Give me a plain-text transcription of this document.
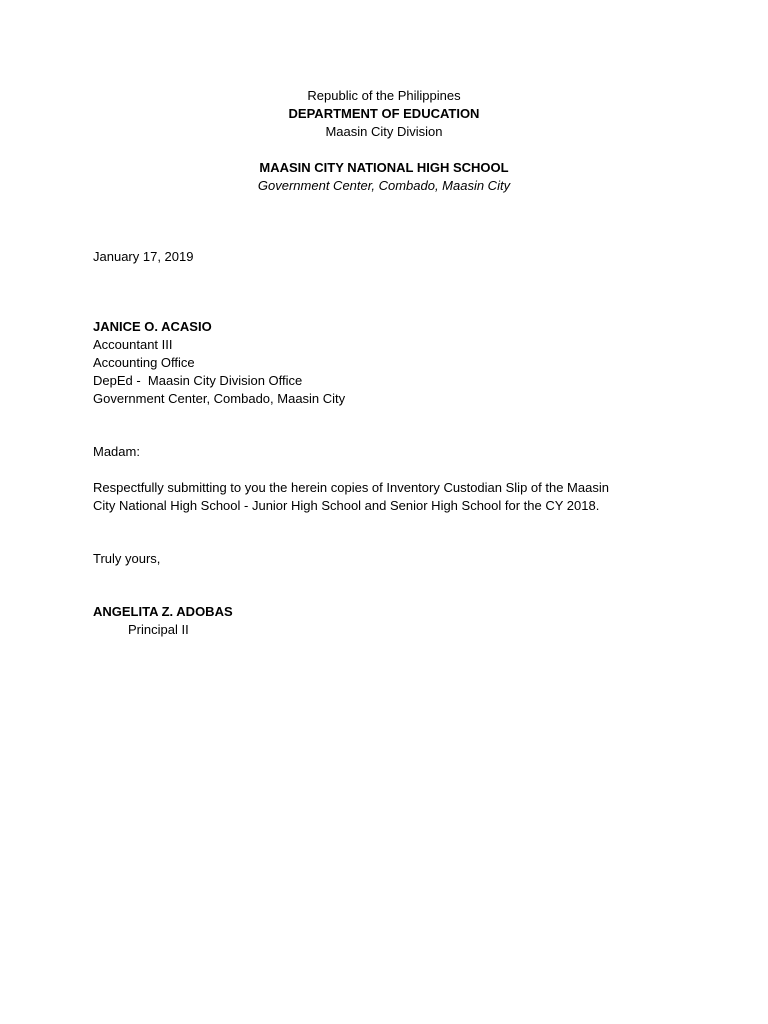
Republic of the Philippines
DEPARTMENT OF EDUCATION
Maasin City Division
MAASIN CITY NATIONAL HIGH SCHOOL
Government Center, Combado, Maasin City
January 17, 2019
JANICE O. ACASIO
Accountant III
Accounting Office
DepEd -  Maasin City Division Office
Government Center, Combado, Maasin City
Madam:
Respectfully submitting to you the herein copies of Inventory Custodian Slip of the Maasin
City National High School - Junior High School and Senior High School for the CY 2018.
Truly yours,
ANGELITA Z. ADOBAS
Principal II
